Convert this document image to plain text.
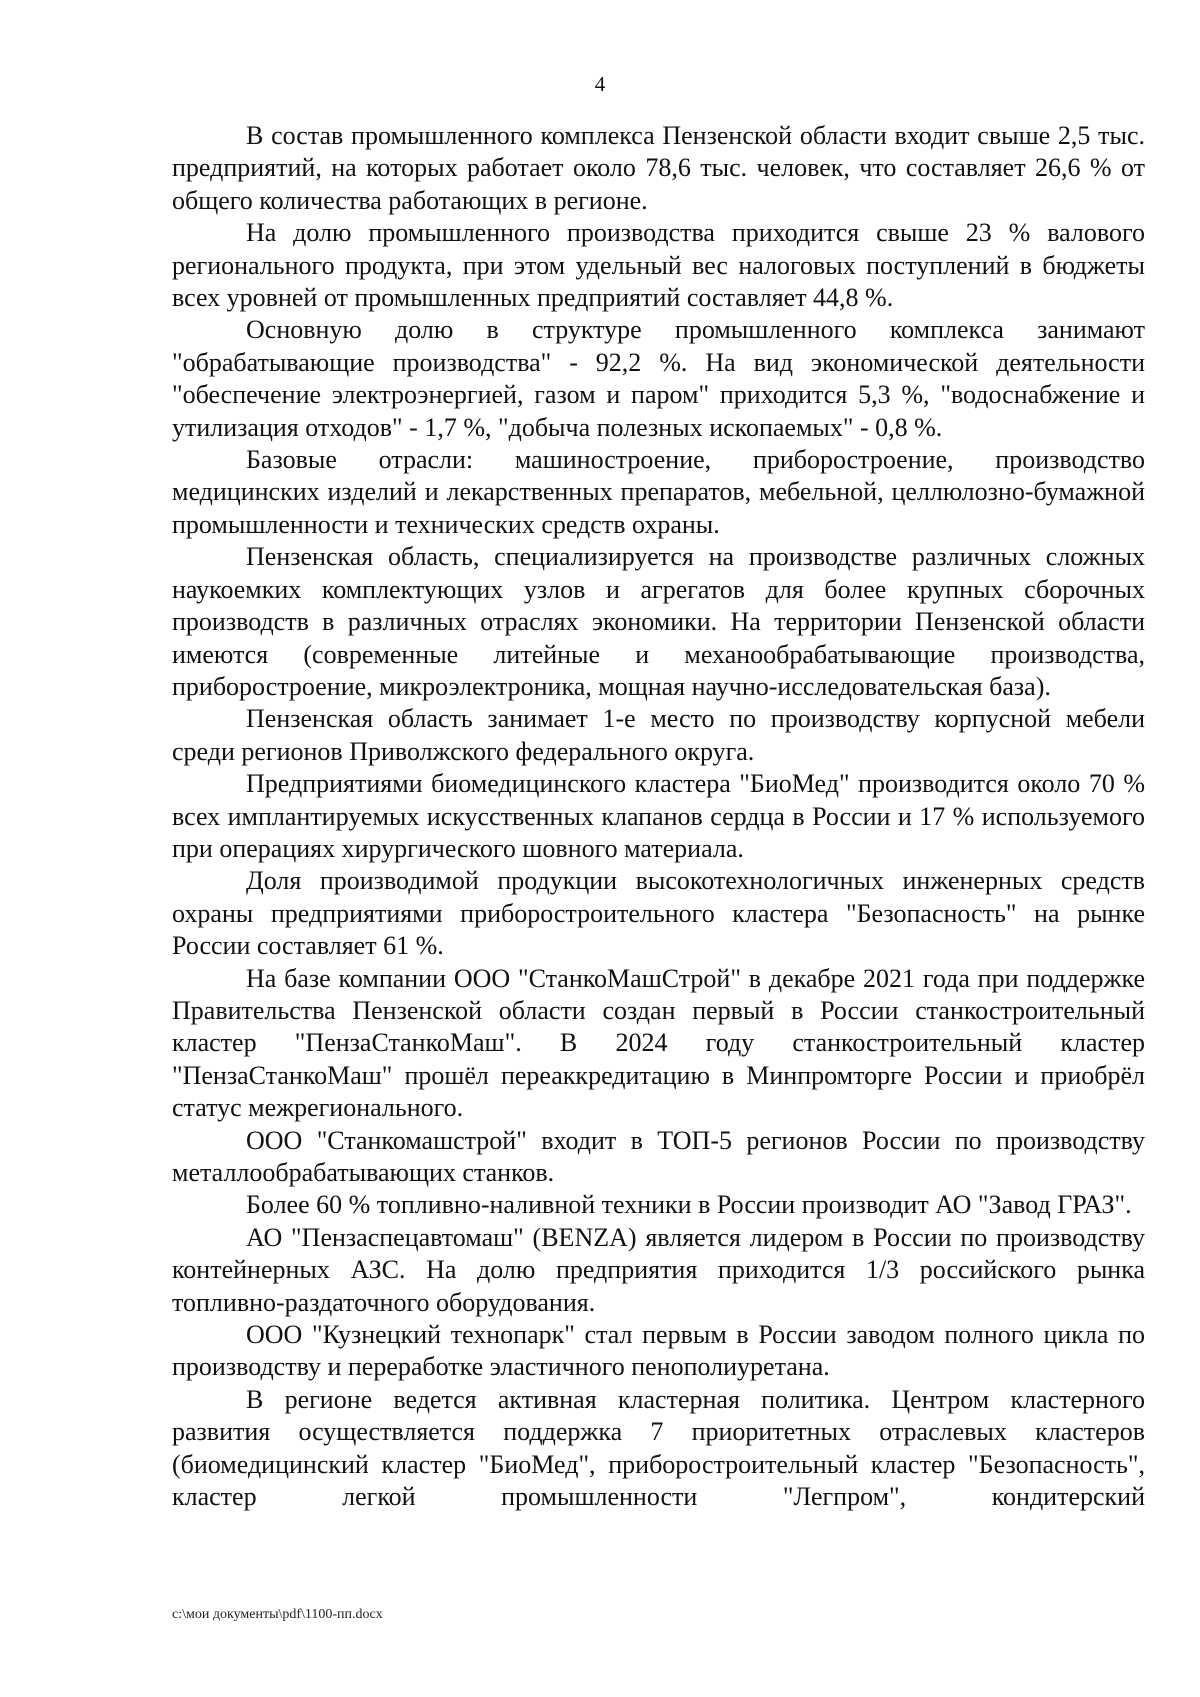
4

В состав промышленного комплекса Пензенской области входит свыше 2,5 тыс. предприятий, на которых работает около 78,6 тыс. человек, что составляет 26,6 % от общего количества работающих в регионе.

На долю промышленного производства приходится свыше 23 % валового регионального продукта, при этом удельный вес налоговых поступлений в бюджеты всех уровней от промышленных предприятий составляет 44,8 %.

Основную долю в структуре промышленного комплекса занимают "обрабатывающие производства" - 92,2 %. На вид экономической деятельности "обеспечение электроэнергией, газом и паром" приходится 5,3 %, "водоснабжение и утилизация отходов" - 1,7 %, "добыча полезных ископаемых" - 0,8 %.

Базовые отрасли: машиностроение, приборостроение, производство медицинских изделий и лекарственных препаратов, мебельной, целлюлозно-бумажной промышленности и технических средств охраны.

Пензенская область, специализируется на производстве различных сложных наукоемких комплектующих узлов и агрегатов для более крупных сборочных производств в различных отраслях экономики. На территории Пензенской области имеются (современные литейные и механообрабатывающие производства, приборостроение, микроэлектроника, мощная научно-исследовательская база).

Пензенская область занимает 1-е место по производству корпусной мебели среди регионов Приволжского федерального округа.

Предприятиями биомедицинского кластера "БиоМед" производится около 70 % всех имплантируемых искусственных клапанов сердца в России и 17 % используемого при операциях хирургического шовного материала.

Доля производимой продукции высокотехнологичных инженерных средств охраны предприятиями приборостроительного кластера "Безопасность" на рынке России составляет 61 %.

На базе компании ООО "СтанкоМашСтрой" в декабре 2021 года при поддержке Правительства Пензенской области создан первый в России станкостроительный кластер "ПензаСтанкоМаш". В 2024 году станкостроительный кластер "ПензаСтанкоМаш" прошёл переаккредитацию в Минпромторге России и приобрёл статус межрегионального.

ООО "Станкомашстрой" входит в ТОП-5 регионов России по производству металлообрабатывающих станков.

Более 60 % топливно-наливной техники в России производит АО "Завод ГРАЗ".

АО "Пензаспецавтомаш" (BENZA) является лидером в России по производству контейнерных АЗС. На долю предприятия приходится 1/3 российского рынка топливно-раздаточного оборудования.

ООО "Кузнецкий технопарк" стал первым в России заводом полного цикла по производству и переработке эластичного пенополиуретана.

В регионе ведется активная кластерная политика. Центром кластерного развития осуществляется поддержка 7 приоритетных отраслевых кластеров (биомедицинский кластер "БиоМед", приборостроительный кластер "Безопасность", кластер легкой промышленности "Легпром", кондитерский

c:\мои документы\pdf\1100-пп.docx
